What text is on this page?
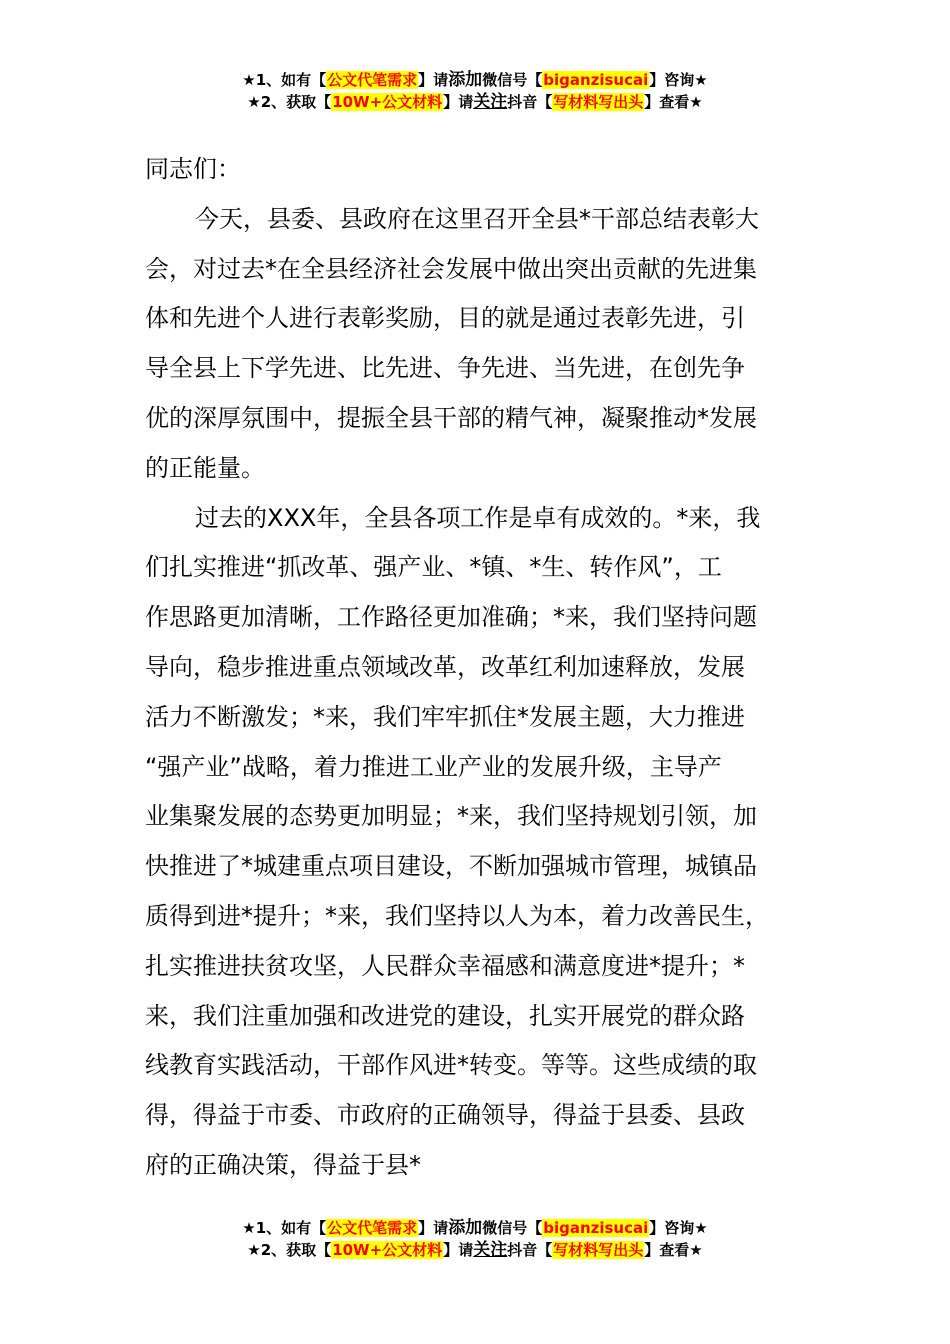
★1、如有【公文代笔需求】请添加微信号【biganzisucai】咨询★
★2、获取【10W+公文材料】请关注抖音【写材料写出头】查看★
同志们：
今天，县委、县政府在这里召开全县*干部总结表彰大
会，对过去*在全县经济社会发展中做出突出贡献的先进集
体和先进个人进行表彰奖励，目的就是通过表彰先进，引
导全县上下学先进、比先进、争先进、当先进，在创先争
优的深厚氛围中，提振全县干部的精气神，凝聚推动*发展
的正能量。
过去的XXX年，全县各项工作是卓有成效的。*来，我
们扎实推进“抓改革、强产业、*镇、*生、转作风”，工
作思路更加清晰，工作路径更加准确；*来，我们坚持问题
导向，稳步推进重点领域改革，改革红利加速释放，发展
活力不断激发；*来，我们牢牢抓住*发展主题，大力推进
“强产业”战略，着力推进工业产业的发展升级，主导产
业集聚发展的态势更加明显；*来，我们坚持规划引领，加
快推进了*城建重点项目建设，不断加强城市管理，城镇品
质得到进*提升；*来，我们坚持以人为本，着力改善民生，
扎实推进扶贫攻坚，人民群众幸福感和满意度进*提升；*
来，我们注重加强和改进党的建设，扎实开展党的群众路
线教育实践活动，干部作风进*转变。等等。这些成绩的取
得，得益于市委、市政府的正确领导，得益于县委、县政
府的正确决策，得益于县*
★1、如有【公文代笔需求】请添加微信号【biganzisucai】咨询★
★2、获取【10W+公文材料】请关注抖音【写材料写出头】查看★
